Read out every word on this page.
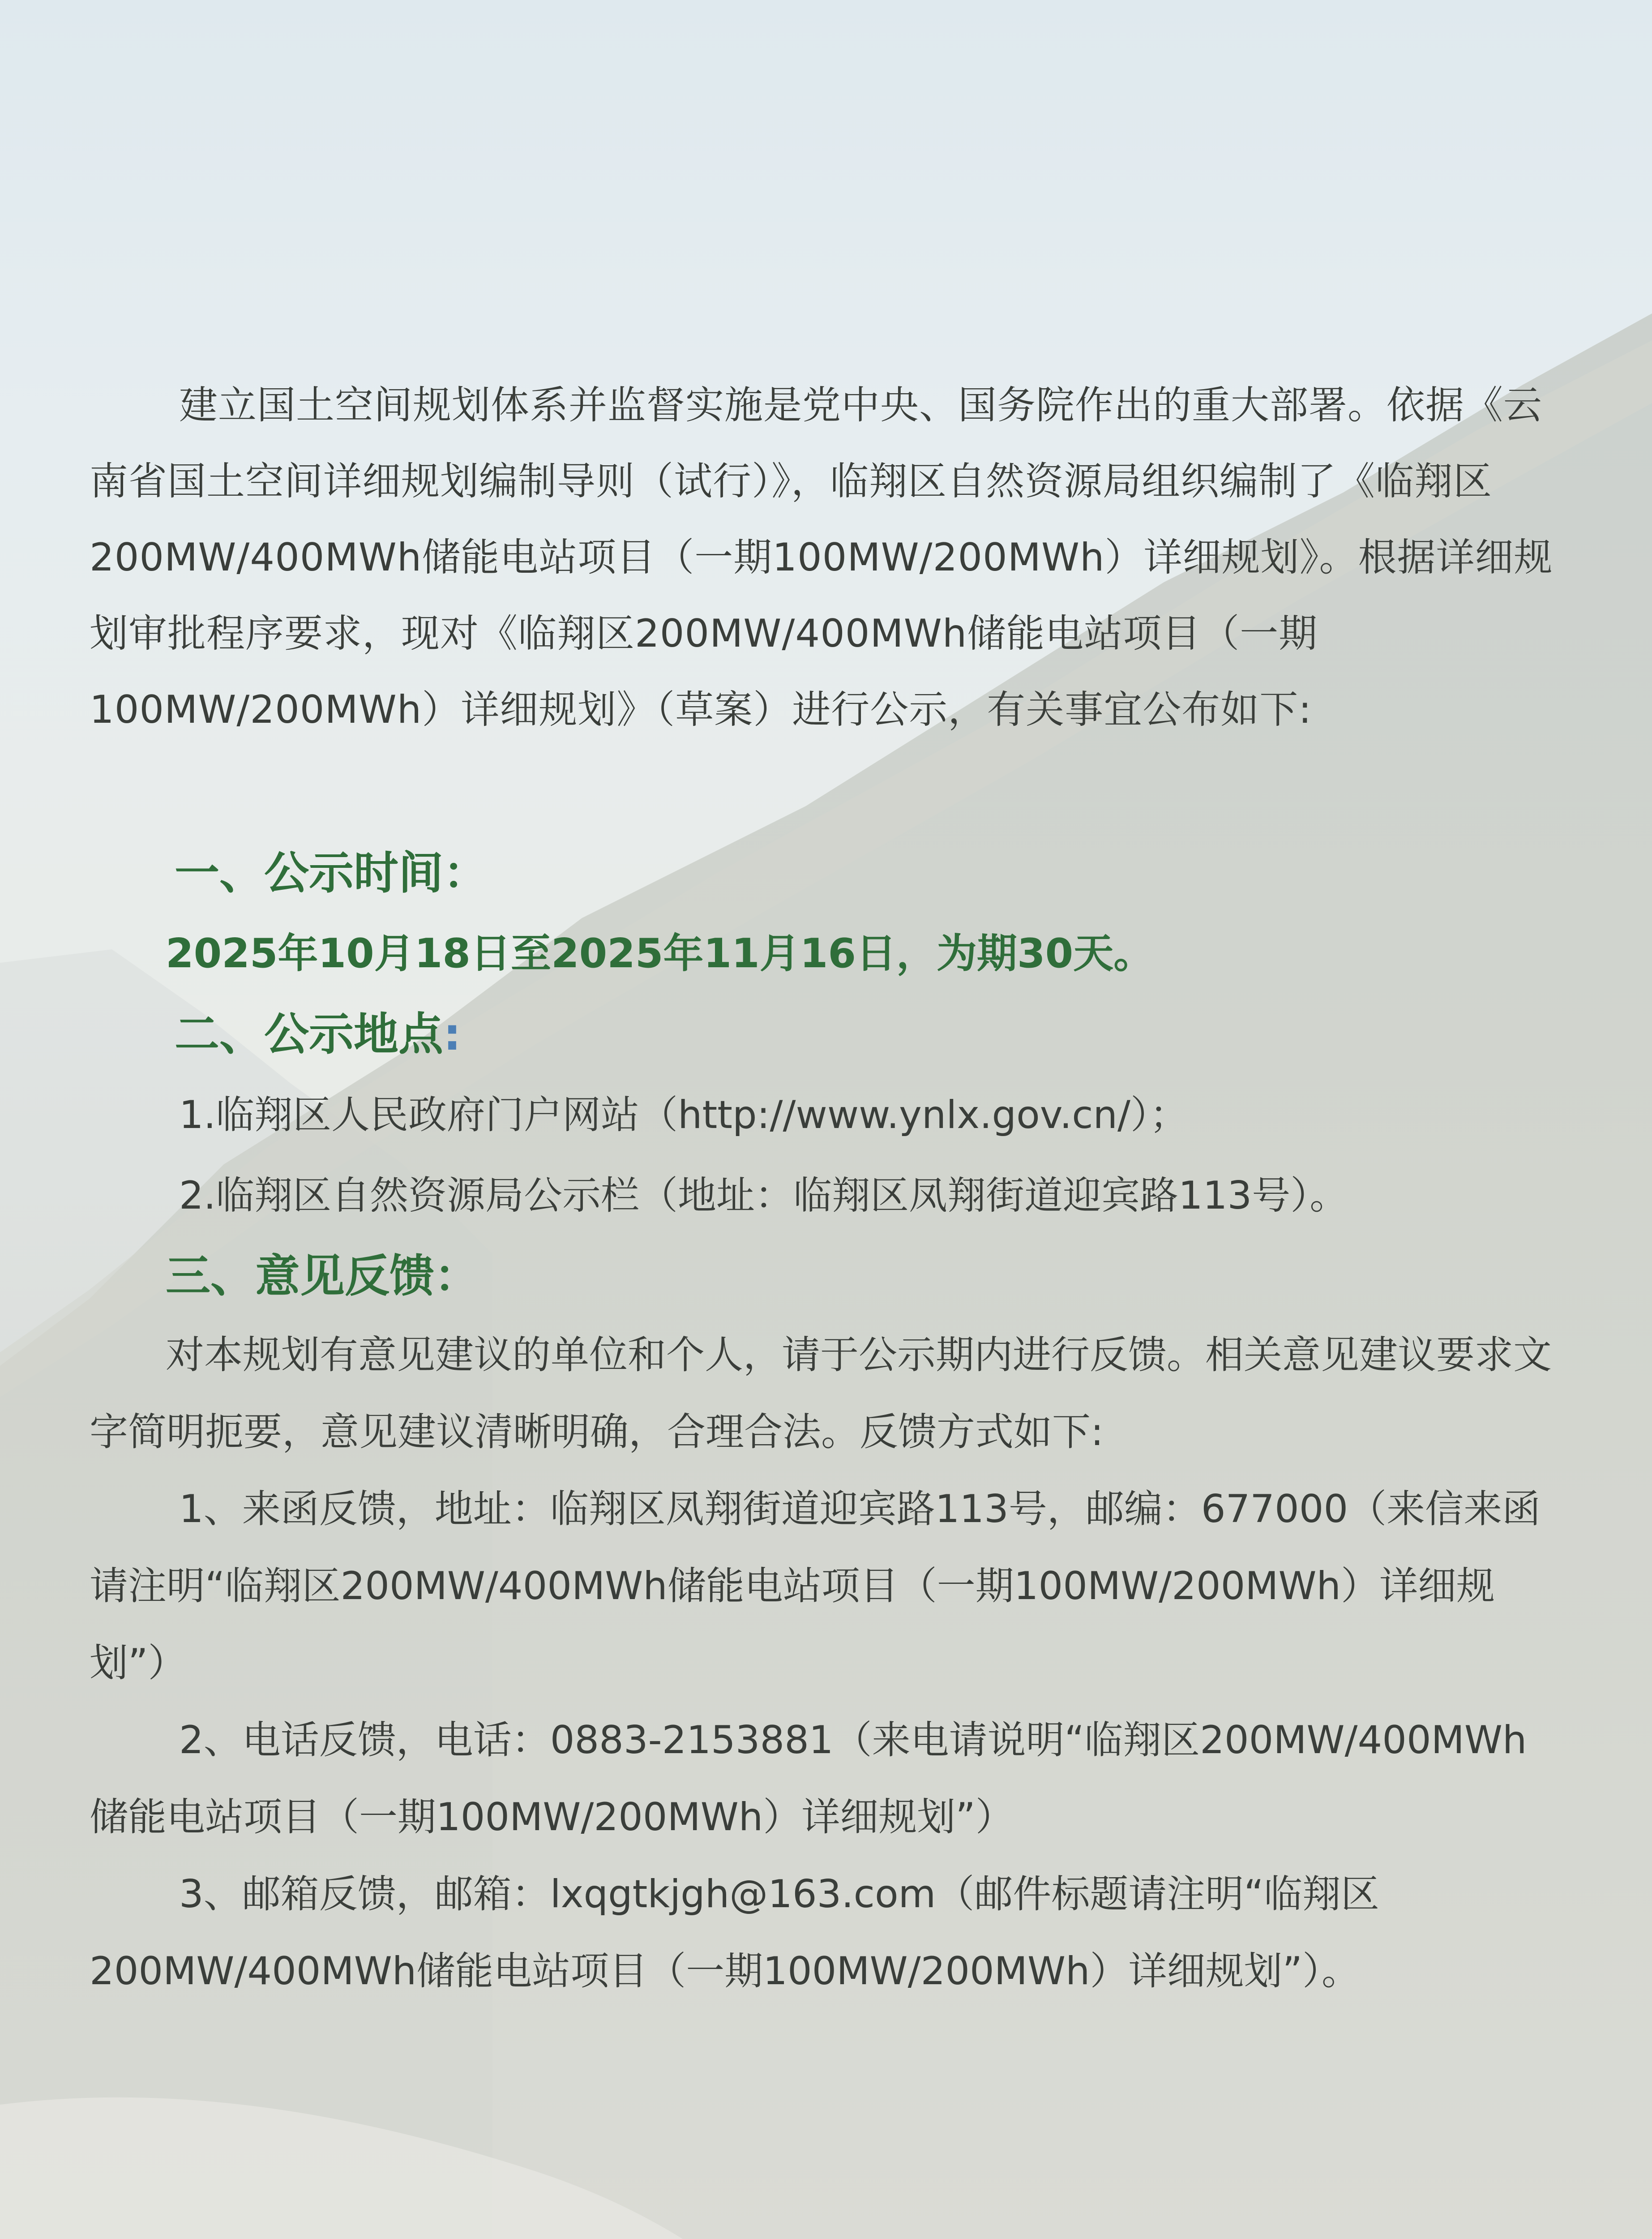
建立国土空间规划体系并监督实施是党中央、国务院作出的重大部署。依据《云南省国土空间详细规划编制导则（试行）》，临翔区自然资源局组织编制了《临翔区200MW/400MWh储能电站项目（一期100MW/200MWh）详细规划》。根据详细规划审批程序要求，现对《临翔区200MW/400MWh储能电站项目（一期100MW/200MWh）详细规划》（草案）进行公示，有关事宜公布如下:

一、公示时间：

2025年10月18日至2025年11月16日，为期30天。

二、公示地点:

1.临翔区人民政府门户网站（http://www.ynlx.gov.cn/）；

2.临翔区自然资源局公示栏（地址：临翔区凤翔街道迎宾路113号）。

三、意见反馈：

对本规划有意见建议的单位和个人，请于公示期内进行反馈。相关意见建议要求文字简明扼要，意见建议清晰明确，合理合法。反馈方式如下:

1、来函反馈，地址：临翔区凤翔街道迎宾路113号，邮编：677000（来信来函请注明“临翔区200MW/400MWh储能电站项目（一期100MW/200MWh）详细规划”）

2、电话反馈，电话：0883-2153881（来电请说明“临翔区200MW/400MWh储能电站项目（一期100MW/200MWh）详细规划”）

3、邮箱反馈，邮箱：lxqgtkjgh@163.com（邮件标题请注明“临翔区200MW/400MWh储能电站项目（一期100MW/200MWh）详细规划”）。
